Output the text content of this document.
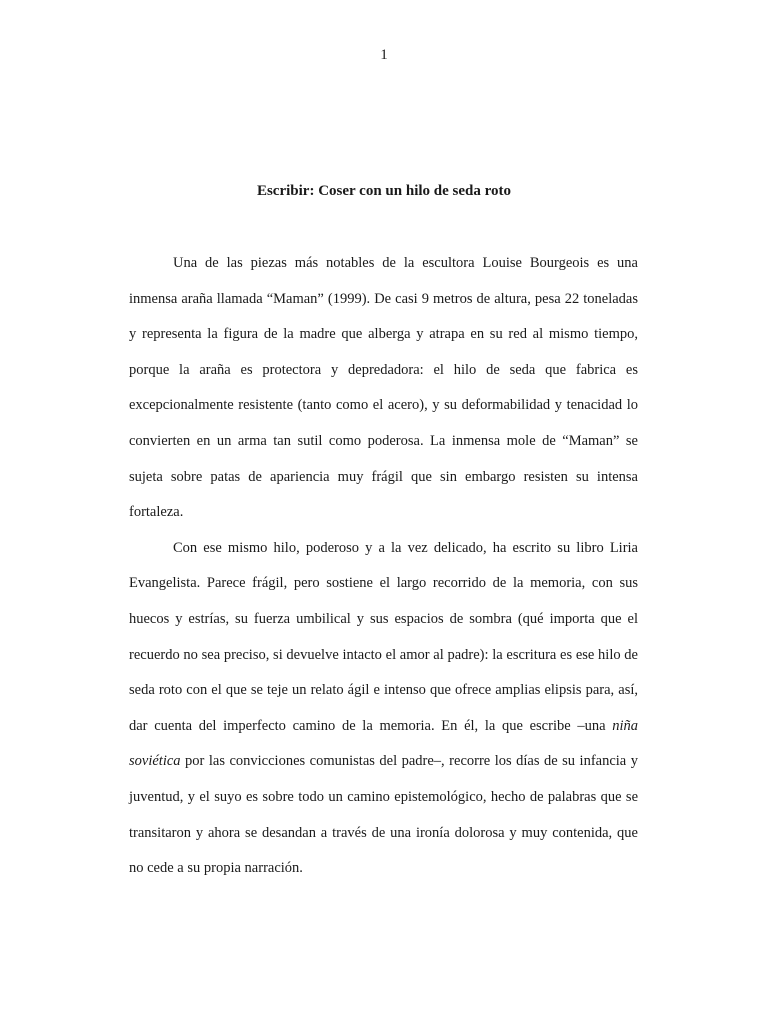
1
Escribir: Coser con un hilo de seda roto

Una de las piezas más notables de la escultora Louise Bourgeois es una inmensa araña llamada “Maman” (1999). De casi 9 metros de altura, pesa 22 toneladas y representa la figura de la madre que alberga y atrapa en su red al mismo tiempo, porque la araña es protectora y depredadora: el hilo de seda que fabrica es excepcionalmente resistente (tanto como el acero), y su deformabilidad y tenacidad lo convierten en un arma tan sutil como poderosa. La inmensa mole de “Maman” se sujeta sobre patas de apariencia muy frágil que sin embargo resisten su intensa fortaleza.

Con ese mismo hilo, poderoso y a la vez delicado, ha escrito su libro Liria Evangelista. Parece frágil, pero sostiene el largo recorrido de la memoria, con sus huecos y estrías, su fuerza umbilical y sus espacios de sombra (qué importa que el recuerdo no sea preciso, si devuelve intacto el amor al padre): la escritura es ese hilo de seda roto con el que se teje un relato ágil e intenso que ofrece amplias elipsis para, así, dar cuenta del imperfecto camino de la memoria. En él, la que escribe –una niña soviética por las convicciones comunistas del padre–, recorre los días de su infancia y juventud, y el suyo es sobre todo un camino epistemológico, hecho de palabras que se transitaron y ahora se desandan a través de una ironía dolorosa y muy contenida, que no cede a su propia narración.
